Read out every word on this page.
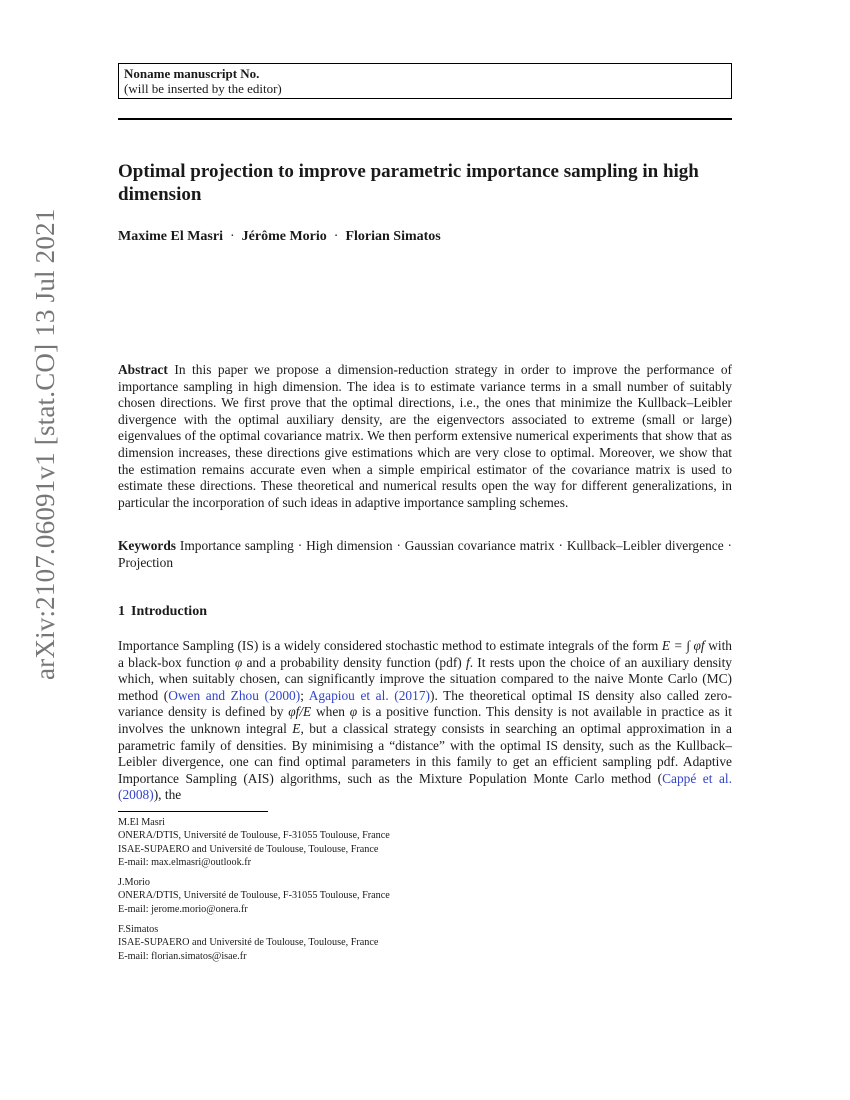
arXiv:2107.06091v1 [stat.CO] 13 Jul 2021
Noname manuscript No.
(will be inserted by the editor)
Optimal projection to improve parametric importance sampling in high dimension
Maxime El Masri · Jérôme Morio · Florian Simatos
Abstract In this paper we propose a dimension-reduction strategy in order to improve the performance of importance sampling in high dimension. The idea is to estimate variance terms in a small number of suitably chosen directions. We first prove that the optimal directions, i.e., the ones that minimize the Kullback–Leibler divergence with the optimal auxiliary density, are the eigenvectors associated to extreme (small or large) eigenvalues of the optimal covariance matrix. We then perform extensive numerical experiments that show that as dimension increases, these directions give estimations which are very close to optimal. Moreover, we show that the estimation remains accurate even when a simple empirical estimator of the covariance matrix is used to estimate these directions. These theoretical and numerical results open the way for different generalizations, in particular the incorporation of such ideas in adaptive importance sampling schemes.
Keywords Importance sampling · High dimension · Gaussian covariance matrix · Kullback–Leibler divergence · Projection
1 Introduction
Importance Sampling (IS) is a widely considered stochastic method to estimate integrals of the form E = ∫ φf with a black-box function φ and a probability density function (pdf) f. It rests upon the choice of an auxiliary density which, when suitably chosen, can significantly improve the situation compared to the naive Monte Carlo (MC) method (Owen and Zhou (2000); Agapiou et al. (2017)). The theoretical optimal IS density also called zero-variance density is defined by φf/E when φ is a positive function. This density is not available in practice as it involves the unknown integral E, but a classical strategy consists in searching an optimal approximation in a parametric family of densities. By minimising a “distance” with the optimal IS density, such as the Kullback–Leibler divergence, one can find optimal parameters in this family to get an efficient sampling pdf. Adaptive Importance Sampling (AIS) algorithms, such as the Mixture Population Monte Carlo method (Cappé et al. (2008)), the
M.El Masri
ONERA/DTIS, Université de Toulouse, F-31055 Toulouse, France
ISAE-SUPAERO and Université de Toulouse, Toulouse, France
E-mail: max.elmasri@outlook.fr
J.Morio
ONERA/DTIS, Université de Toulouse, F-31055 Toulouse, France
E-mail: jerome.morio@onera.fr
F.Simatos
ISAE-SUPAERO and Université de Toulouse, Toulouse, France
E-mail: florian.simatos@isae.fr
